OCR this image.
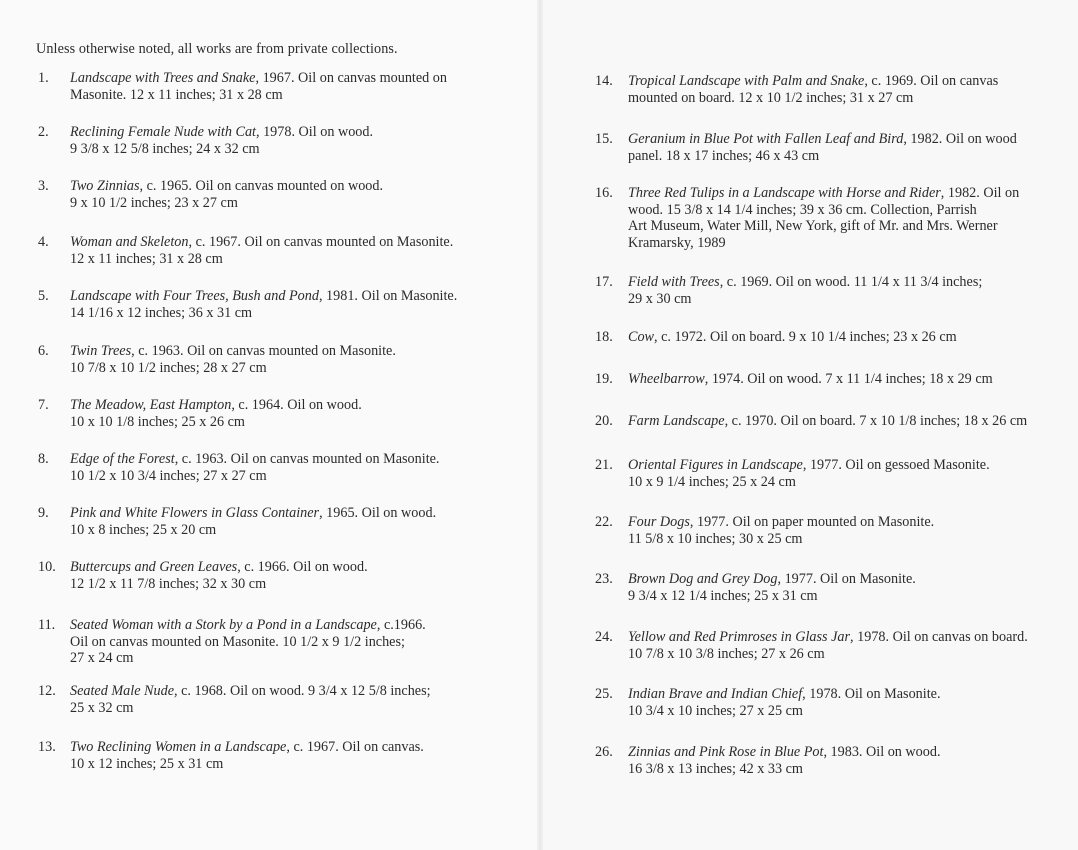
Unless otherwise noted, all works are from private collections.
1. Landscape with Trees and Snake, 1967. Oil on canvas mounted on
Masonite. 12 x 11 inches; 31 x 28 cm
2. Reclining Female Nude with Cat, 1978. Oil on wood.
9 3/8 x 12 5/8 inches; 24 x 32 cm
3. Two Zinnias, c. 1965. Oil on canvas mounted on wood.
9 x 10 1/2 inches; 23 x 27 cm
4. Woman and Skeleton, c. 1967. Oil on canvas mounted on Masonite.
12 x 11 inches; 31 x 28 cm
5. Landscape with Four Trees, Bush and Pond, 1981. Oil on Masonite.
14 1/16 x 12 inches; 36 x 31 cm
6. Twin Trees, c. 1963. Oil on canvas mounted on Masonite.
10 7/8 x 10 1/2 inches; 28 x 27 cm
7. The Meadow, East Hampton, c. 1964. Oil on wood.
10 x 10 1/8 inches; 25 x 26 cm
8. Edge of the Forest, c. 1963. Oil on canvas mounted on Masonite.
10 1/2 x 10 3/4 inches; 27 x 27 cm
9. Pink and White Flowers in Glass Container, 1965. Oil on wood.
10 x 8 inches; 25 x 20 cm
10. Buttercups and Green Leaves, c. 1966. Oil on wood.
12 1/2 x 11 7/8 inches; 32 x 30 cm
11. Seated Woman with a Stork by a Pond in a Landscape, c.1966.
Oil on canvas mounted on Masonite. 10 1/2 x 9 1/2 inches;
27 x 24 cm
12. Seated Male Nude, c. 1968. Oil on wood. 9 3/4 x 12 5/8 inches;
25 x 32 cm
13. Two Reclining Women in a Landscape, c. 1967. Oil on canvas.
10 x 12 inches; 25 x 31 cm
14. Tropical Landscape with Palm and Snake, c. 1969. Oil on canvas
mounted on board. 12 x 10 1/2 inches; 31 x 27 cm
15. Geranium in Blue Pot with Fallen Leaf and Bird, 1982. Oil on wood
panel. 18 x 17 inches; 46 x 43 cm
16. Three Red Tulips in a Landscape with Horse and Rider, 1982. Oil on
wood. 15 3/8 x 14 1/4 inches; 39 x 36 cm. Collection, Parrish
Art Museum, Water Mill, New York, gift of Mr. and Mrs. Werner
Kramarsky, 1989
17. Field with Trees, c. 1969. Oil on wood. 11 1/4 x 11 3/4 inches;
29 x 30 cm
18. Cow, c. 1972. Oil on board. 9 x 10 1/4 inches; 23 x 26 cm
19. Wheelbarrow, 1974. Oil on wood. 7 x 11 1/4 inches; 18 x 29 cm
20. Farm Landscape, c. 1970. Oil on board. 7 x 10 1/8 inches; 18 x 26 cm
21. Oriental Figures in Landscape, 1977. Oil on gessoed Masonite.
10 x 9 1/4 inches; 25 x 24 cm
22. Four Dogs, 1977. Oil on paper mounted on Masonite.
11 5/8 x 10 inches; 30 x 25 cm
23. Brown Dog and Grey Dog, 1977. Oil on Masonite.
9 3/4 x 12 1/4 inches; 25 x 31 cm
24. Yellow and Red Primroses in Glass Jar, 1978. Oil on canvas on board.
10 7/8 x 10 3/8 inches; 27 x 26 cm
25. Indian Brave and Indian Chief, 1978. Oil on Masonite.
10 3/4 x 10 inches; 27 x 25 cm
26. Zinnias and Pink Rose in Blue Pot, 1983. Oil on wood.
16 3/8 x 13 inches; 42 x 33 cm
